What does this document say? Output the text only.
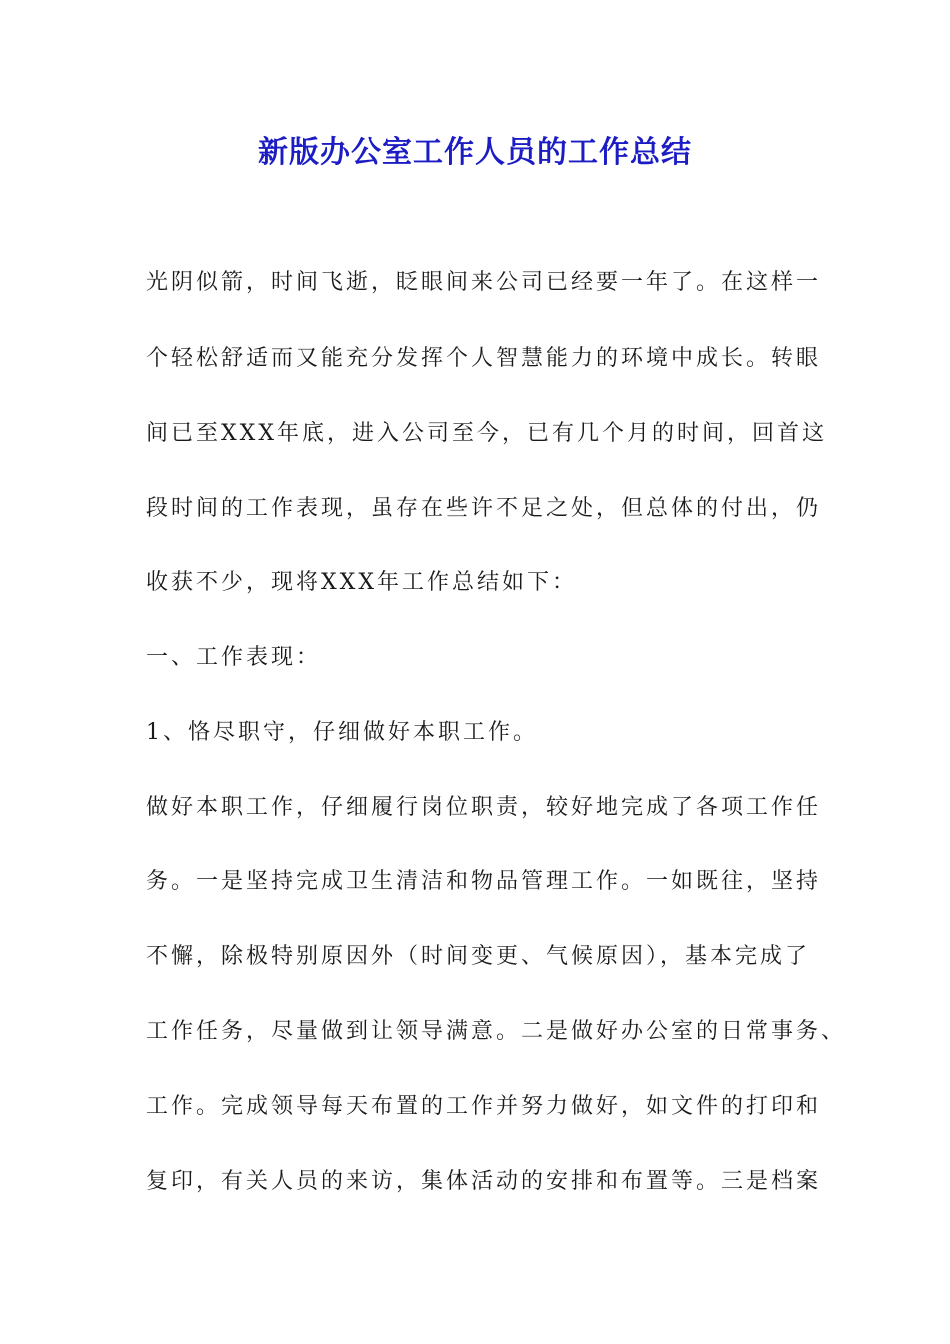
新版办公室工作人员的工作总结
光阴似箭，时间飞逝，眨眼间来公司已经要一年了。在这样一
个轻松舒适而又能充分发挥个人智慧能力的环境中成长。转眼
间已至XXX年底，进入公司至今，已有几个月的时间，回首这
段时间的工作表现，虽存在些许不足之处，但总体的付出，仍
收获不少，现将XXX年工作总结如下：
一、工作表现：
1、恪尽职守，仔细做好本职工作。
做好本职工作，仔细履行岗位职责，较好地完成了各项工作任
务。一是坚持完成卫生清洁和物品管理工作。一如既往，坚持
不懈，除极特别原因外（时间变更、气候原因），基本完成了
工作任务，尽量做到让领导满意。二是做好办公室的日常事务、
工作。完成领导每天布置的工作并努力做好，如文件的打印和
复印，有关人员的来访，集体活动的安排和布置等。三是档案
